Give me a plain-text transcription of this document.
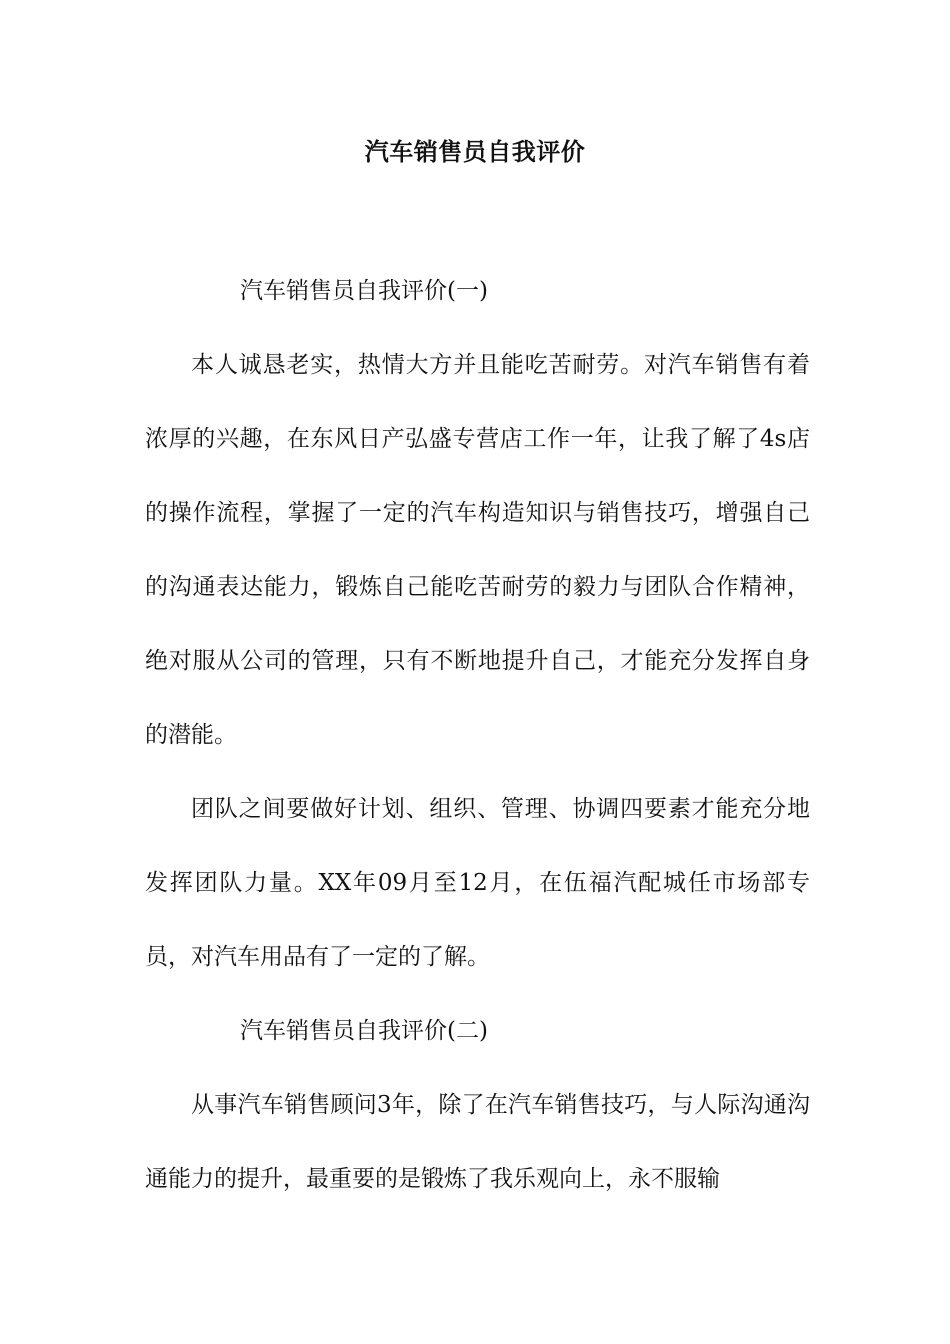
汽车销售员自我评价

汽车销售员自我评价(一)

本人诚恳老实，热情大方并且能吃苦耐劳。对汽车销售有着浓厚的兴趣，在东风日产弘盛专营店工作一年，让我了解了4s店的操作流程，掌握了一定的汽车构造知识与销售技巧，增强自己的沟通表达能力，锻炼自己能吃苦耐劳的毅力与团队合作精神，绝对服从公司的管理，只有不断地提升自己，才能充分发挥自身的潜能。

团队之间要做好计划、组织、管理、协调四要素才能充分地发挥团队力量。XX年09月至12月，在伍福汽配城任市场部专员，对汽车用品有了一定的了解。

汽车销售员自我评价(二)

从事汽车销售顾问3年，除了在汽车销售技巧，与人际沟通沟通能力的提升，最重要的是锻炼了我乐观向上，永不服输
